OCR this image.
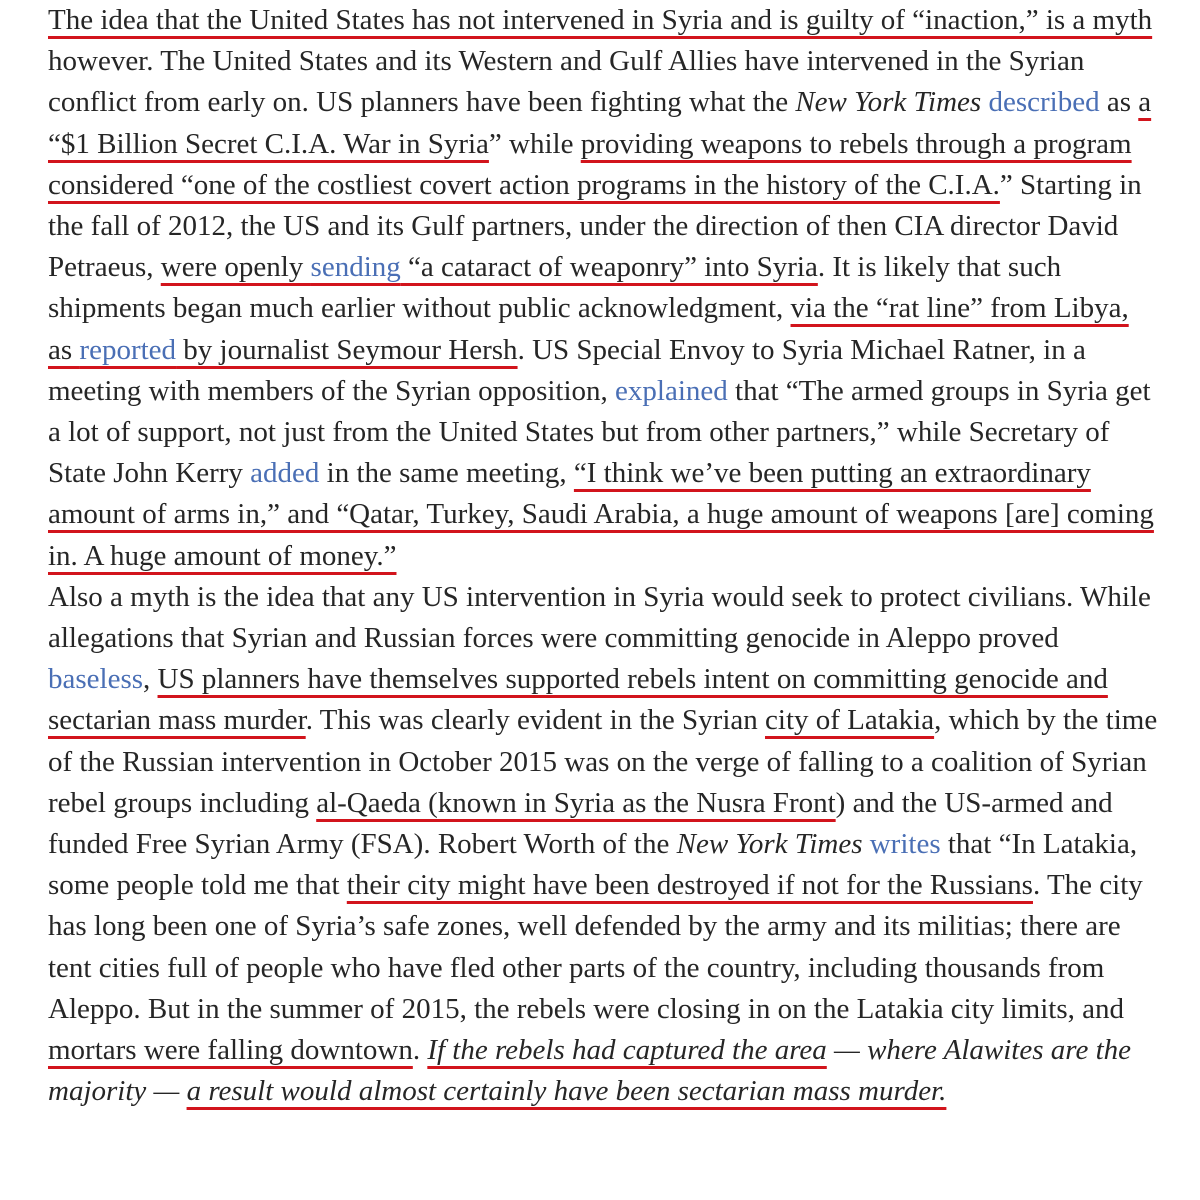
The idea that the United States has not intervened in Syria and is guilty of “inaction,” is a myth however. The United States and its Western and Gulf Allies have intervened in the Syrian conflict from early on. US planners have been fighting what the New York Times described as a “$1 Billion Secret C.I.A. War in Syria” while providing weapons to rebels through a program considered “one of the costliest covert action programs in the history of the C.I.A.” Starting in the fall of 2012, the US and its Gulf partners, under the direction of then CIA director David Petraeus, were openly sending “a cataract of weaponry” into Syria. It is likely that such shipments began much earlier without public acknowledgment, via the “rat line” from Libya, as reported by journalist Seymour Hersh. US Special Envoy to Syria Michael Ratner, in a meeting with members of the Syrian opposition, explained that “The armed groups in Syria get a lot of support, not just from the United States but from other partners,” while Secretary of State John Kerry added in the same meeting, “I think we’ve been putting an extraordinary amount of arms in,” and “Qatar, Turkey, Saudi Arabia, a huge amount of weapons [are] coming in. A huge amount of money.”

Also a myth is the idea that any US intervention in Syria would seek to protect civilians. While allegations that Syrian and Russian forces were committing genocide in Aleppo proved baseless, US planners have themselves supported rebels intent on committing genocide and sectarian mass murder. This was clearly evident in the Syrian city of Latakia, which by the time of the Russian intervention in October 2015 was on the verge of falling to a coalition of Syrian rebel groups including al-Qaeda (known in Syria as the Nusra Front) and the US-armed and funded Free Syrian Army (FSA). Robert Worth of the New York Times writes that “In Latakia, some people told me that their city might have been destroyed if not for the Russians. The city has long been one of Syria’s safe zones, well defended by the army and its militias; there are tent cities full of people who have fled other parts of the country, including thousands from Aleppo. But in the summer of 2015, the rebels were closing in on the Latakia city limits, and mortars were falling downtown. If the rebels had captured the area — where Alawites are the majority — a result would almost certainly have been sectarian mass murder.
